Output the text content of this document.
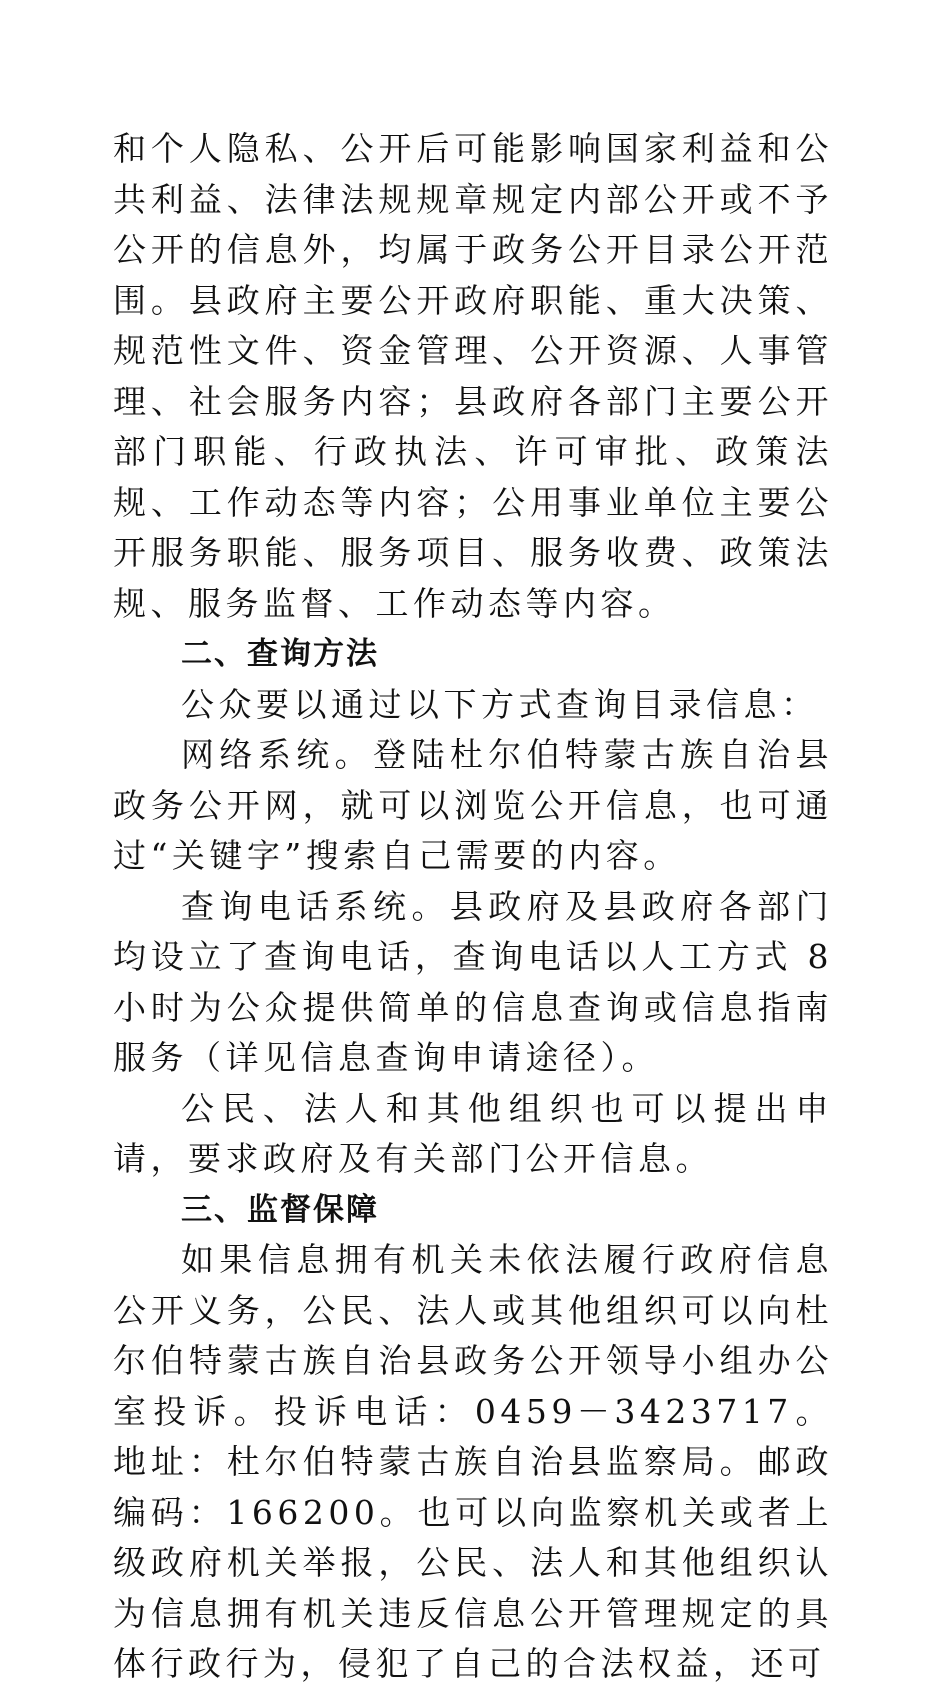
和个人隐私、公开后可能影响国家利益和公共利益、法律法规规章规定内部公开或不予公开的信息外，均属于政务公开目录公开范围。县政府主要公开政府职能、重大决策、规范性文件、资金管理、公开资源、人事管理、社会服务内容；县政府各部门主要公开部门职能、行政执法、许可审批、政策法规、工作动态等内容；公用事业单位主要公开服务职能、服务项目、服务收费、政策法规、服务监督、工作动态等内容。

二、查询方法

公众要以通过以下方式查询目录信息：

网络系统。登陆杜尔伯特蒙古族自治县政务公开网，就可以浏览公开信息，也可通过“关键字”搜索自己需要的内容。

查询电话系统。县政府及县政府各部门均设立了查询电话，查询电话以人工方式 8 小时为公众提供简单的信息查询或信息指南服务（详见信息查询申请途径）。

公民、法人和其他组织也可以提出申请，要求政府及有关部门公开信息。

三、监督保障

如果信息拥有机关未依法履行政府信息公开义务，公民、法人或其他组织可以向杜尔伯特蒙古族自治县政务公开领导小组办公室投诉。投诉电话：0459－3423717。地址：杜尔伯特蒙古族自治县监察局。邮政编码：166200。也可以向监察机关或者上级政府机关举报，公民、法人和其他组织认为信息拥有机关违反信息公开管理规定的具体行政行为，侵犯了自己的合法权益，还可
